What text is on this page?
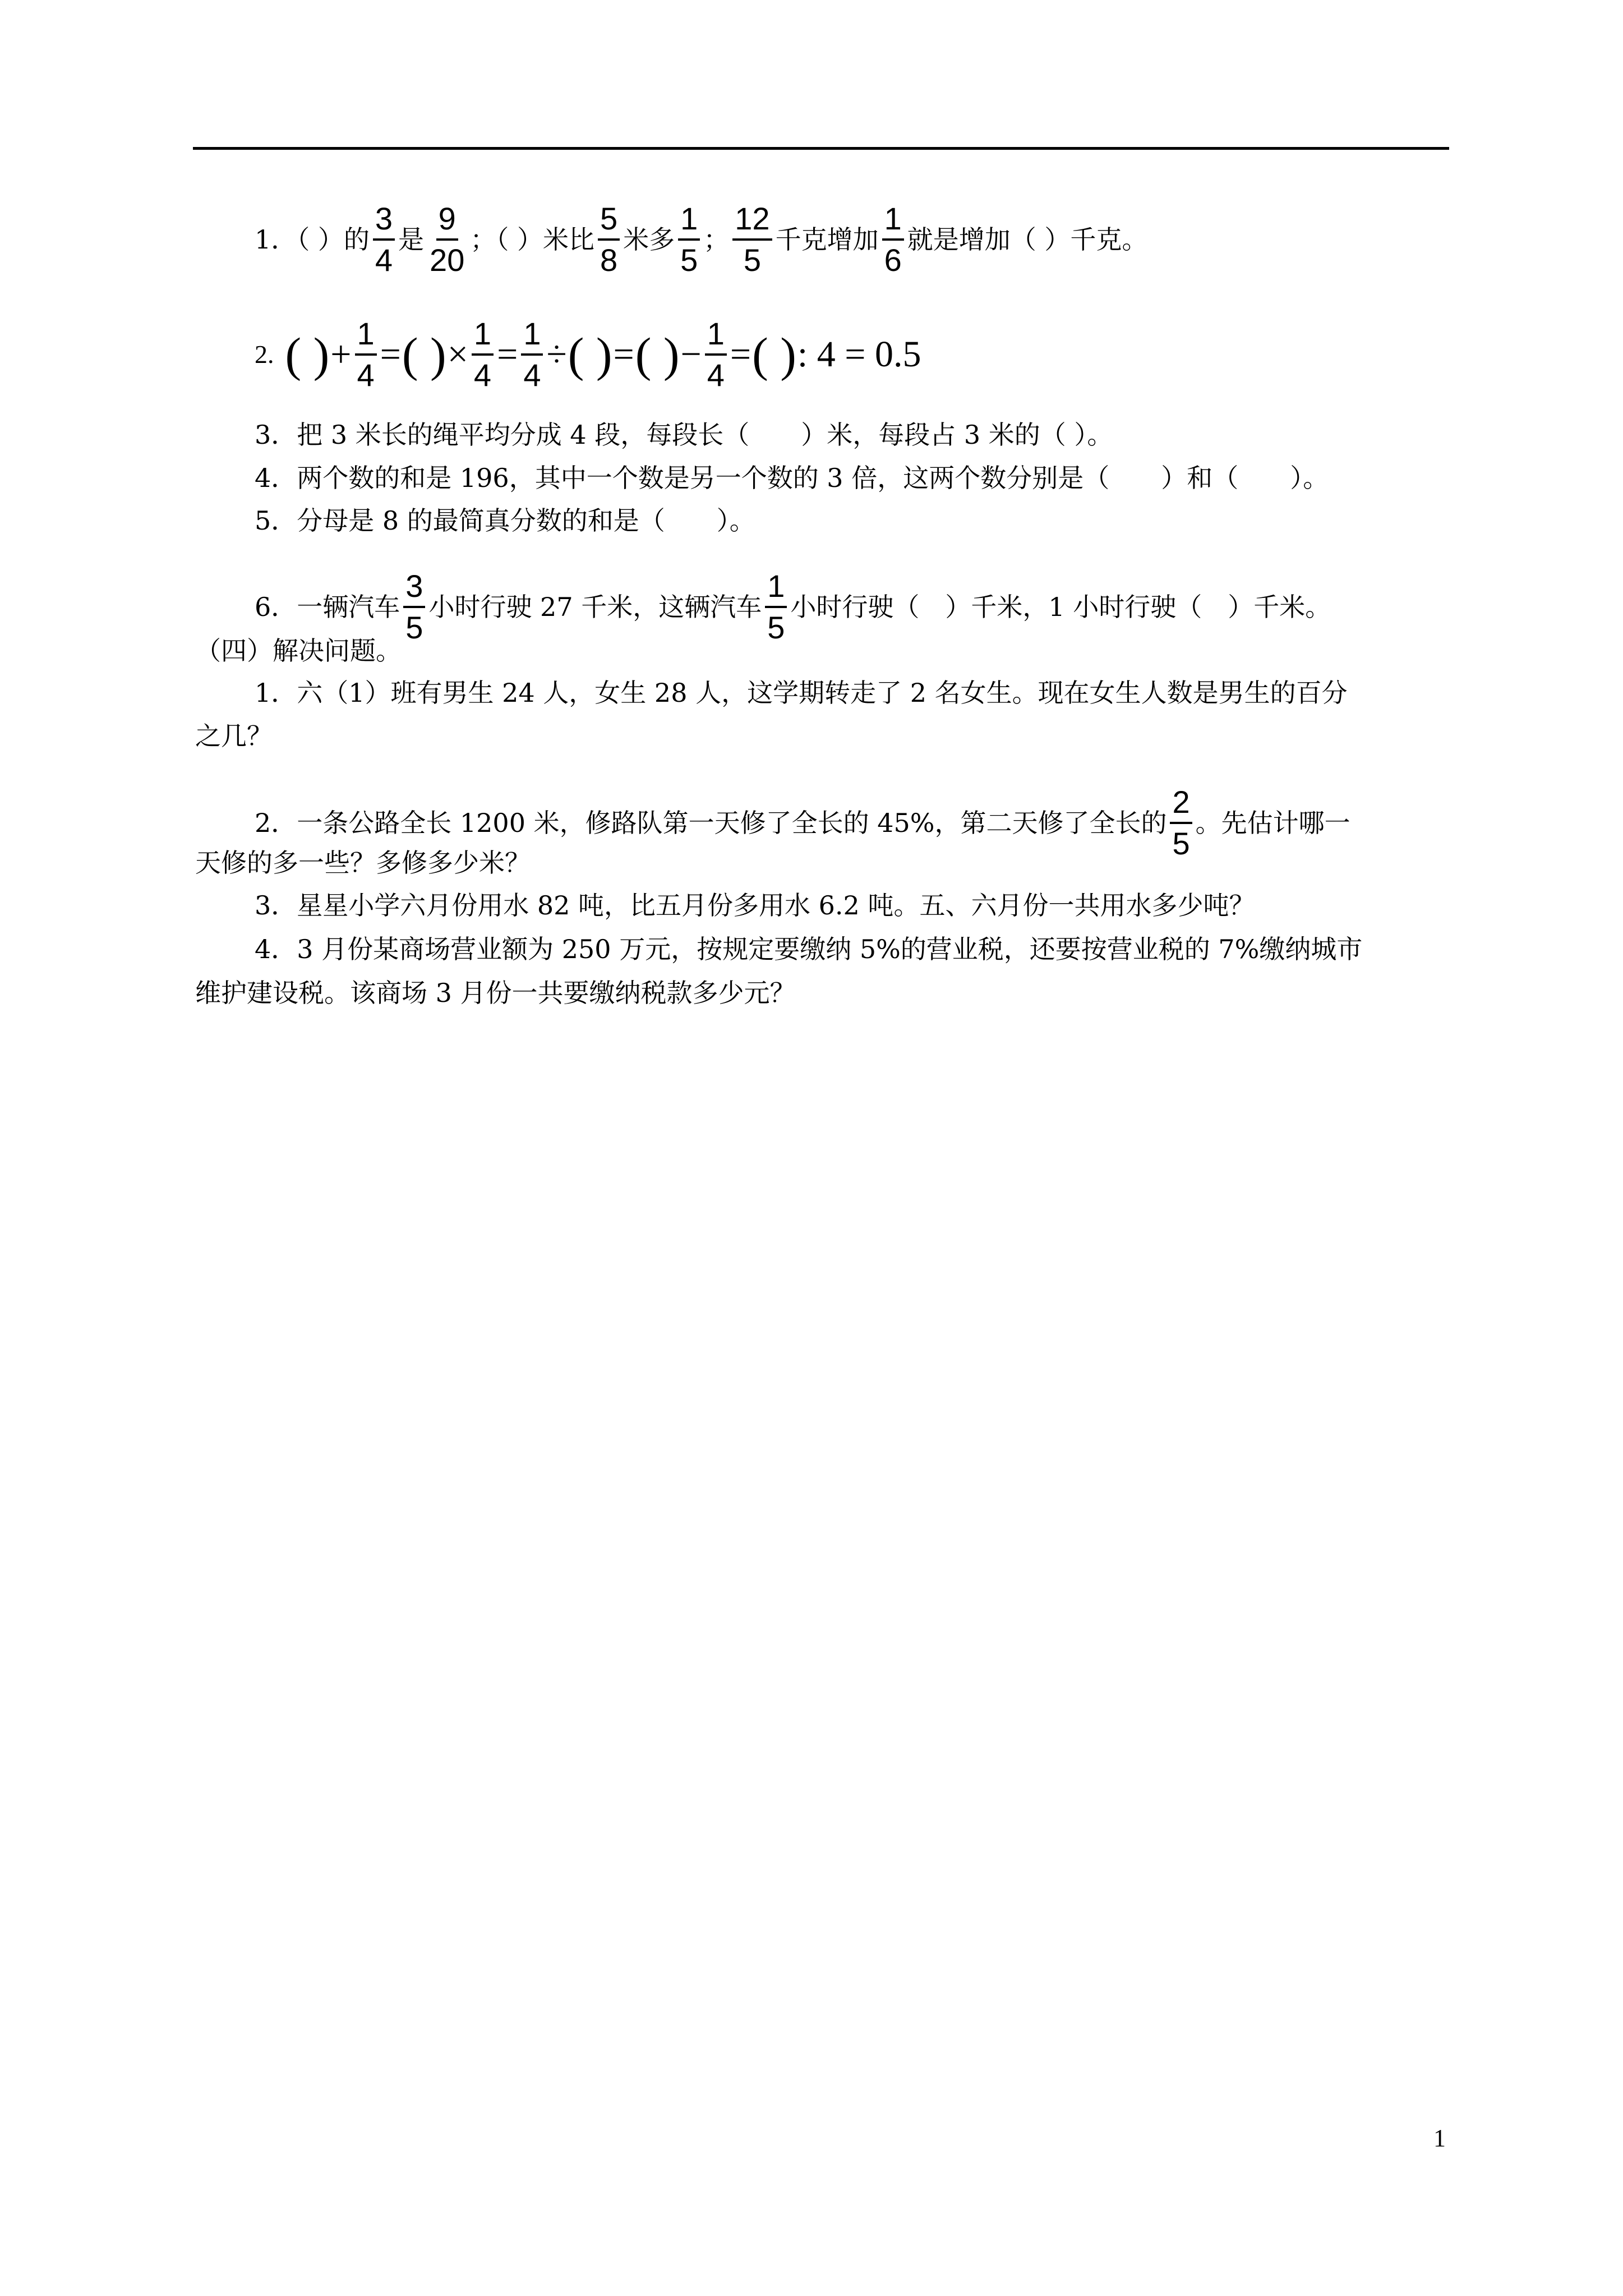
1．（ ）的 $\frac{3}{4}$ 是 $\frac{9}{20}$ ；（ ）米比 $\frac{5}{8}$ 米多 $\frac{1}{5}$ ； $\frac{12}{5}$ 千克增加 $\frac{1}{6}$ 就是增加（ ）千克。
2. ( ) + $\frac{1}{4}$ = ( ) × $\frac{1}{4} = \frac{1}{4}$ ÷ ( ) = ( ) − $\frac{1}{4}$ = ( ) : 4 = 0.5
3．把 3 米长的绳平均分成 4 段，每段长（　　）米，每段占 3 米的（ ）。
4．两个数的和是 196，其中一个数是另一个数的 3 倍，这两个数分别是（　　）和（　　）。
5．分母是 8 的最简真分数的和是（　　）。
6．一辆汽车 $\frac{3}{5}$ 小时行驶 27 千米，这辆汽车 $\frac{1}{5}$ 小时行驶（　）千米，1 小时行驶（　）千米。
（四）解决问题。
1．六（1）班有男生 24 人，女生 28 人，这学期转走了 2 名女生。现在女生人数是男生的百分
之几？
2．一条公路全长 1200 米，修路队第一天修了全长的 45%，第二天修了全长的 $\frac{2}{5}$ 。先估计哪一
天修的多一些？多修多少米？
3．星星小学六月份用水 82 吨，比五月份多用水 6.2 吨。五、六月份一共用水多少吨？
4．3 月份某商场营业额为 250 万元，按规定要缴纳 5%的营业税，还要按营业税的 7%缴纳城市
维护建设税。该商场 3 月份一共要缴纳税款多少元？
1
